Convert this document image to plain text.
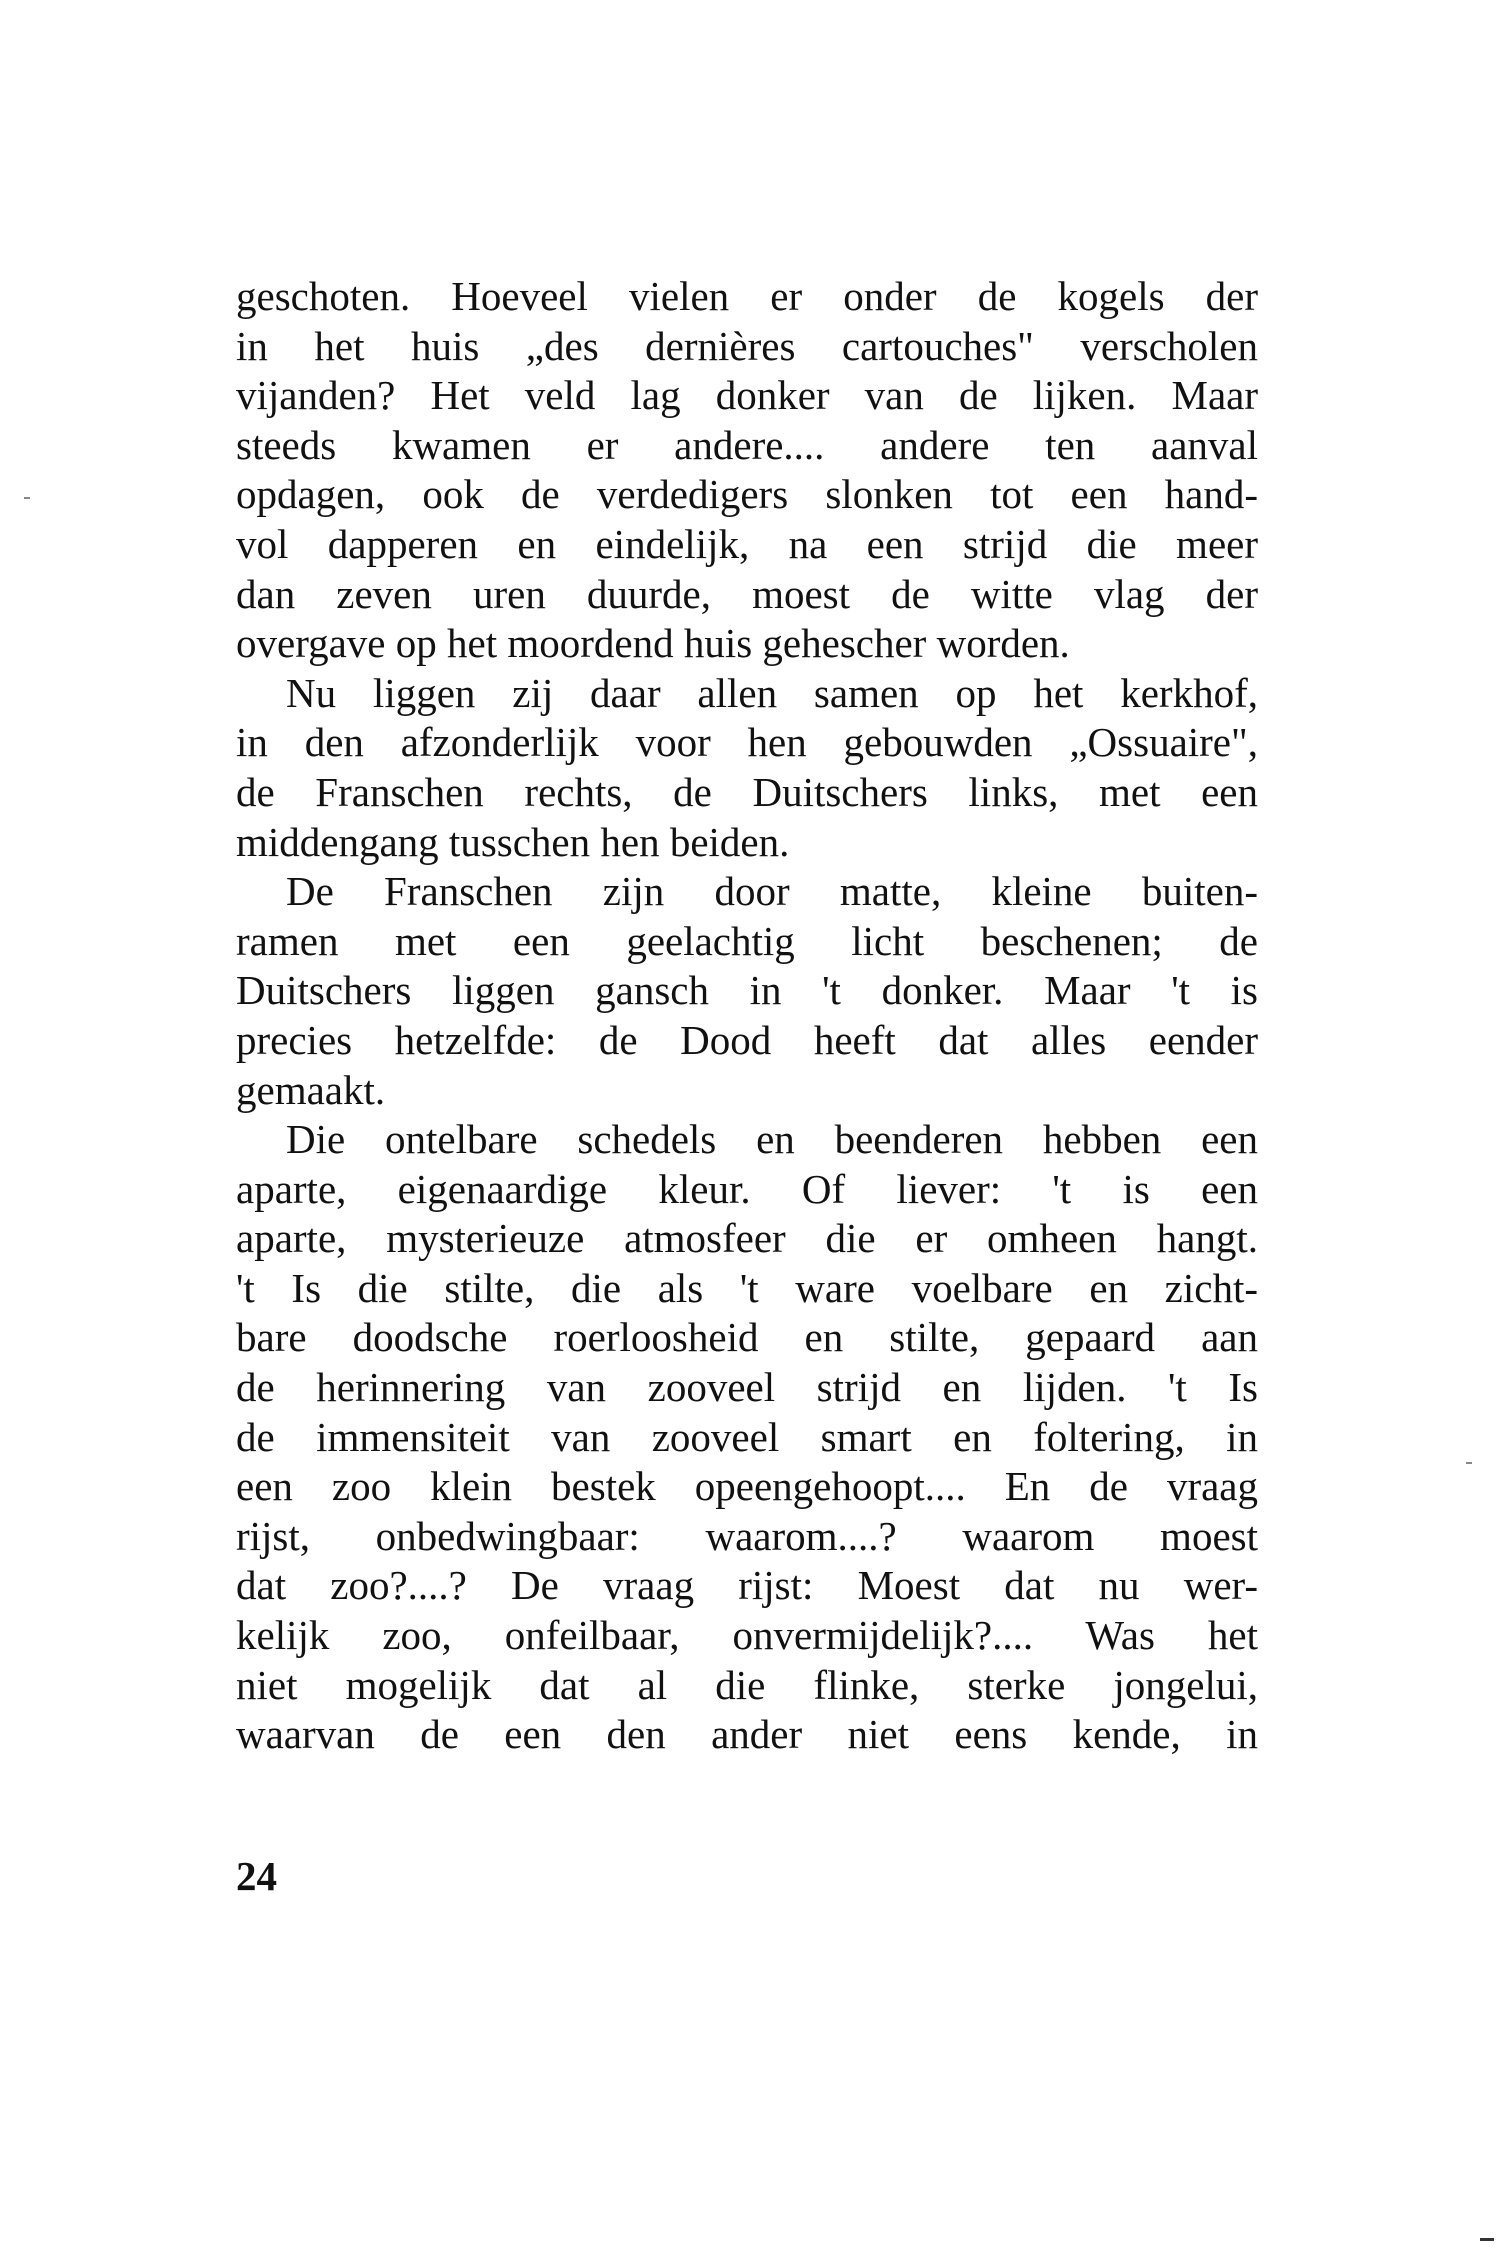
geschoten. Hoeveel vielen er onder de kogels der
in het huis „des dernières cartouches" verscholen
vijanden? Het veld lag donker van de lijken. Maar
steeds kwamen er andere.... andere ten aanval
opdagen, ook de verdedigers slonken tot een hand-
vol dapperen en eindelijk, na een strijd die meer
dan zeven uren duurde, moest de witte vlag der
overgave op het moordend huis gehescher worden.
Nu liggen zij daar allen samen op het kerkhof,
in den afzonderlijk voor hen gebouwden „Ossuaire",
de Franschen rechts, de Duitschers links, met een
middengang tusschen hen beiden.
De Franschen zijn door matte, kleine buiten-
ramen met een geelachtig licht beschenen; de
Duitschers liggen gansch in 't donker. Maar 't is
precies hetzelfde: de Dood heeft dat alles eender
gemaakt.
Die ontelbare schedels en beenderen hebben een
aparte, eigenaardige kleur. Of liever: 't is een
aparte, mysterieuze atmosfeer die er omheen hangt.
't Is die stilte, die als 't ware voelbare en zicht-
bare doodsche roerloosheid en stilte, gepaard aan
de herinnering van zooveel strijd en lijden. 't Is
de immensiteit van zooveel smart en foltering, in
een zoo klein bestek opeengehoopt.... En de vraag
rijst, onbedwingbaar: waarom....? waarom moest
dat zoo?....? De vraag rijst: Moest dat nu wer-
kelijk zoo, onfeilbaar, onvermijdelijk?.... Was het
niet mogelijk dat al die flinke, sterke jongelui,
waarvan de een den ander niet eens kende, in
24
